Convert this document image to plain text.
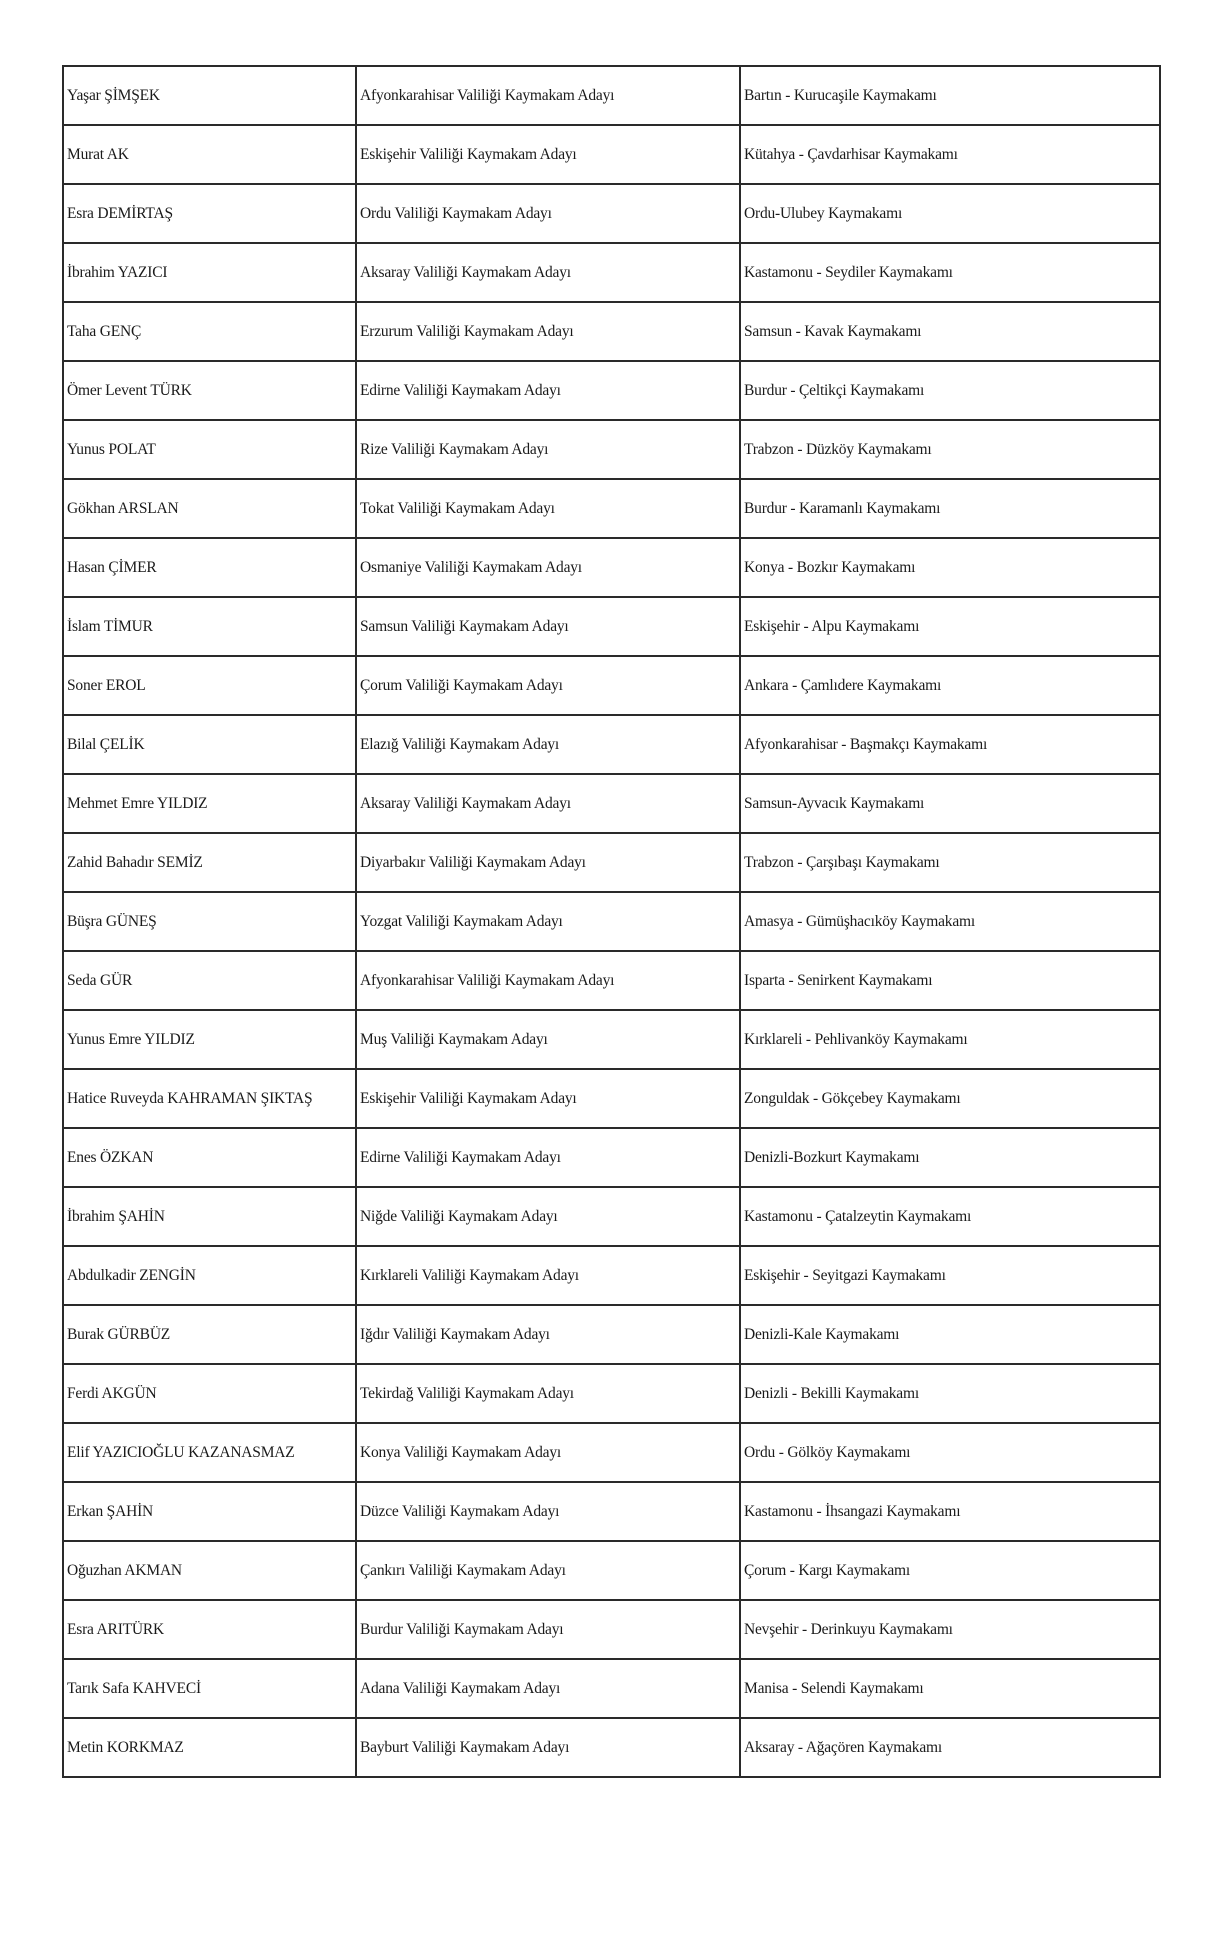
Yaşar ŞİMŞEK	Afyonkarahisar Valiliği Kaymakam Adayı	Bartın - Kurucaşile Kaymakamı
Murat AK	Eskişehir Valiliği Kaymakam Adayı	Kütahya - Çavdarhisar Kaymakamı
Esra DEMİRTAŞ	Ordu Valiliği Kaymakam Adayı	Ordu-Ulubey Kaymakamı
İbrahim YAZICI	Aksaray Valiliği Kaymakam Adayı	Kastamonu - Seydiler Kaymakamı
Taha GENÇ	Erzurum Valiliği Kaymakam Adayı	Samsun - Kavak Kaymakamı
Ömer Levent TÜRK	Edirne Valiliği Kaymakam Adayı	Burdur - Çeltikçi Kaymakamı
Yunus POLAT	Rize Valiliği Kaymakam Adayı	Trabzon - Düzköy Kaymakamı
Gökhan ARSLAN	Tokat Valiliği Kaymakam Adayı	Burdur - Karamanlı Kaymakamı
Hasan ÇİMER	Osmaniye Valiliği Kaymakam Adayı	Konya - Bozkır Kaymakamı
İslam TİMUR	Samsun Valiliği Kaymakam Adayı	Eskişehir - Alpu Kaymakamı
Soner EROL	Çorum Valiliği Kaymakam Adayı	Ankara - Çamlıdere Kaymakamı
Bilal ÇELİK	Elazığ Valiliği Kaymakam Adayı	Afyonkarahisar - Başmakçı Kaymakamı
Mehmet Emre YILDIZ	Aksaray Valiliği Kaymakam Adayı	Samsun-Ayvacık Kaymakamı
Zahid Bahadır SEMİZ	Diyarbakır Valiliği Kaymakam Adayı	Trabzon - Çarşıbaşı Kaymakamı
Büşra GÜNEŞ	Yozgat Valiliği Kaymakam Adayı	Amasya - Gümüşhacıköy Kaymakamı
Seda GÜR	Afyonkarahisar Valiliği Kaymakam Adayı	Isparta - Senirkent Kaymakamı
Yunus Emre YILDIZ	Muş Valiliği Kaymakam Adayı	Kırklareli - Pehlivanköy Kaymakamı
Hatice Ruveyda KAHRAMAN ŞIKTAŞ	Eskişehir Valiliği Kaymakam Adayı	Zonguldak - Gökçebey Kaymakamı
Enes ÖZKAN	Edirne Valiliği Kaymakam Adayı	Denizli-Bozkurt Kaymakamı
İbrahim ŞAHİN	Niğde Valiliği Kaymakam Adayı	Kastamonu - Çatalzeytin Kaymakamı
Abdulkadir ZENGİN	Kırklareli Valiliği Kaymakam Adayı	Eskişehir - Seyitgazi Kaymakamı
Burak GÜRBÜZ	Iğdır Valiliği Kaymakam Adayı	Denizli-Kale Kaymakamı
Ferdi AKGÜN	Tekirdağ Valiliği Kaymakam Adayı	Denizli - Bekilli Kaymakamı
Elif YAZICIOĞLU KAZANASMAZ	Konya Valiliği Kaymakam Adayı	Ordu - Gölköy Kaymakamı
Erkan ŞAHİN	Düzce Valiliği Kaymakam Adayı	Kastamonu - İhsangazi Kaymakamı
Oğuzhan AKMAN	Çankırı Valiliği Kaymakam Adayı	Çorum - Kargı Kaymakamı
Esra ARITÜRK	Burdur Valiliği Kaymakam Adayı	Nevşehir - Derinkuyu Kaymakamı
Tarık Safa KAHVECİ	Adana Valiliği Kaymakam Adayı	Manisa - Selendi Kaymakamı
Metin KORKMAZ	Bayburt Valiliği Kaymakam Adayı	Aksaray - Ağaçören Kaymakamı
